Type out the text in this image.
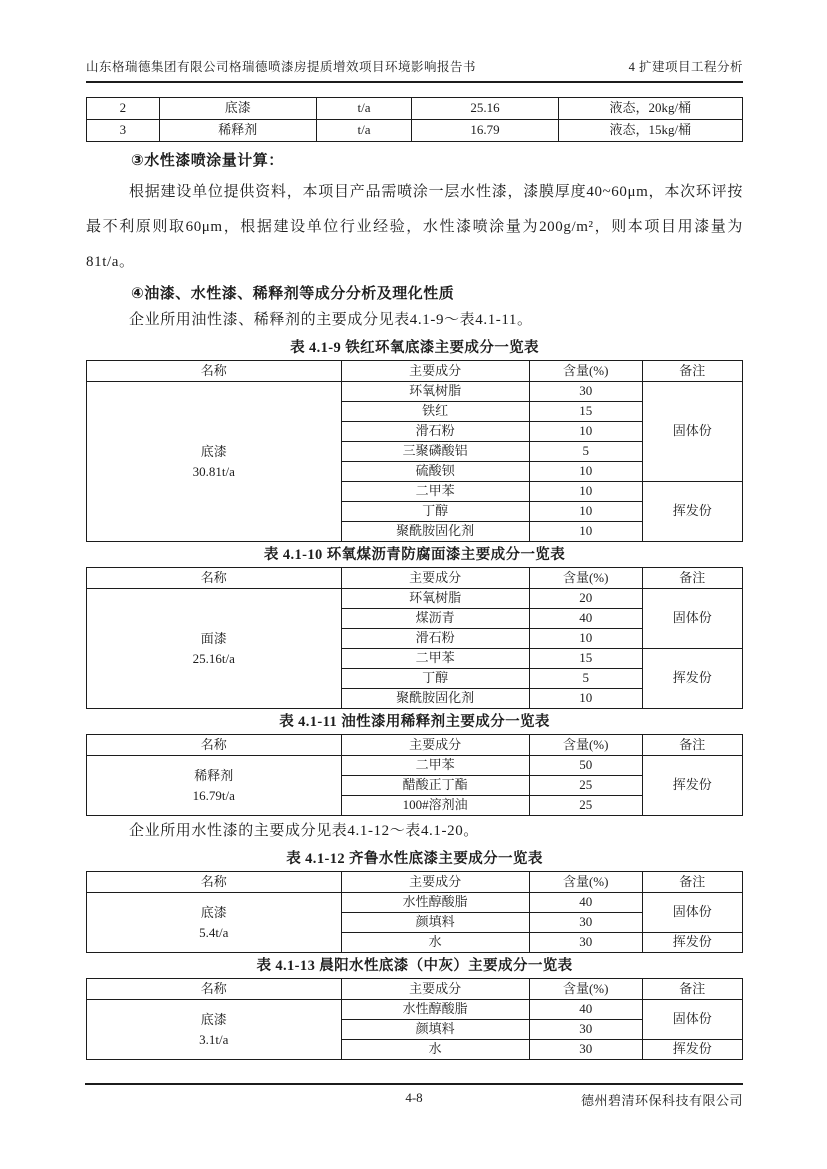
山东格瑞德集团有限公司格瑞德喷漆房提质增效项目环境影响报告书	4 扩建项目工程分析
2	底漆	t/a	25.16	液态，20kg/桶
3	稀释剂	t/a	16.79	液态，15kg/桶
③水性漆喷涂量计算：

根据建设单位提供资料，本项目产品需喷涂一层水性漆，漆膜厚度40~60μm，本次环评按最不利原则取60μm，根据建设单位行业经验，水性漆喷涂量为200g/m²，则本项目用漆量为81t/a。

④油漆、水性漆、稀释剂等成分分析及理化性质

企业所用油性漆、稀释剂的主要成分见表4.1-9～表4.1-11。

表 4.1-9 铁红环氧底漆主要成分一览表
名称	主要成分	含量(%)	备注

底漆
30.81t/a	环氧树脂	30	固体份
	铁红	15	
	滑石粉	10	
	三聚磷酸铝	5	
	硫酸钡	10	
	二甲苯	10	挥发份
	丁醇	10	
	聚酰胺固化剂	10	
表 4.1-10 环氧煤沥青防腐面漆主要成分一览表
名称	主要成分	含量(%)	备注

面漆
25.16t/a	环氧树脂	20	固体份
	煤沥青	40	
	滑石粉	10	
	二甲苯	15	挥发份
	丁醇	5	
	聚酰胺固化剂	10	
表 4.1-11 油性漆用稀释剂主要成分一览表
名称	主要成分	含量(%)	备注

稀释剂
16.79t/a	二甲苯	50	挥发份
	醋酸正丁酯	25	
	100#溶剂油	25	

企业所用水性漆的主要成分见表4.1-12～表4.1-20。

表 4.1-12 齐鲁水性底漆主要成分一览表
名称	主要成分	含量(%)	备注

底漆
5.4t/a	水性醇酸脂	40	固体份
	颜填料	30	
	水	30	挥发份
表 4.1-13 晨阳水性底漆（中灰）主要成分一览表
名称	主要成分	含量(%)	备注

底漆
3.1t/a	水性醇酸脂	40	固体份
	颜填料	30	
	水	30	挥发份
4-8	德州碧清环保科技有限公司
